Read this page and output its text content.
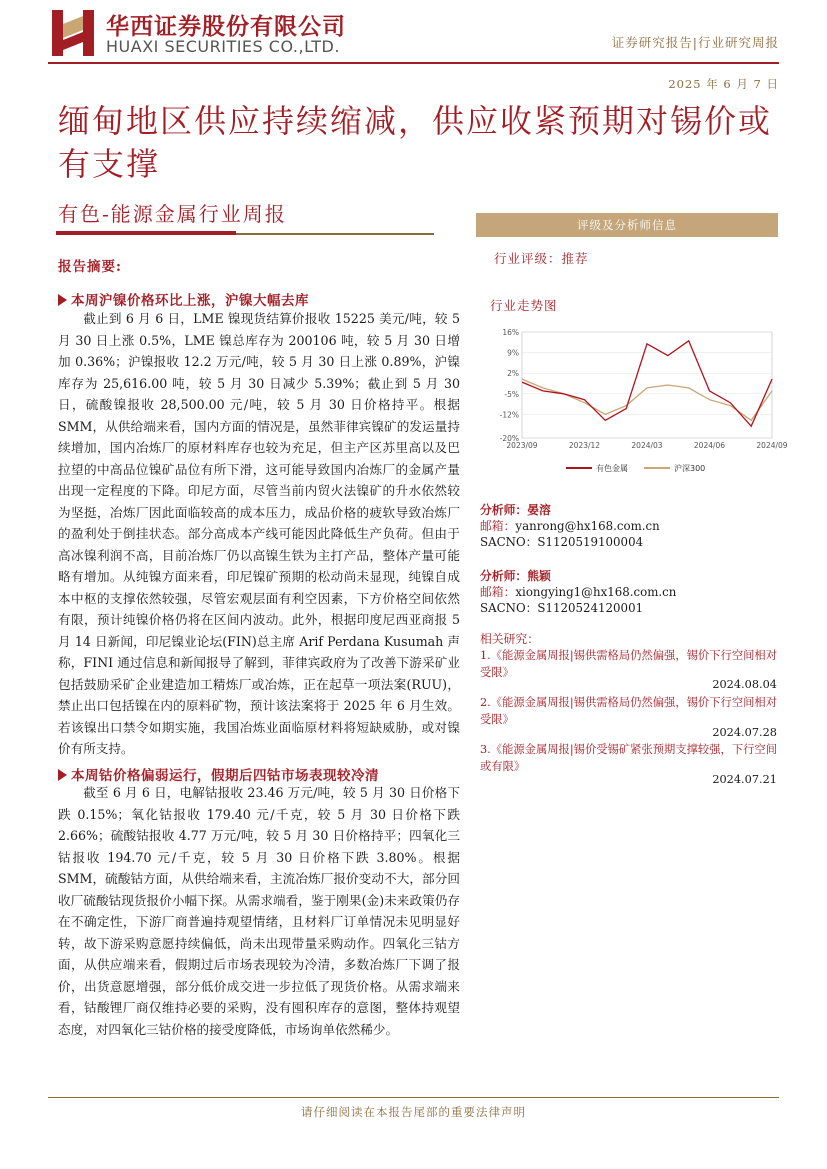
华西证券股份有限公司
HUAXI SECURITIES CO.,LTD.	证券研究报告|行业研究周报
2025 年 6 月 7 日
缅甸地区供应持续缩减，供应收紧预期对锡价或有支撑
有色-能源金属行业周报
报告摘要:
本周沪镍价格环比上涨，沪镍大幅去库
截止到 6 月 6 日，LME 镍现货结算价报收 15225 美元/吨，较 5 月 30 日上涨 0.5%，LME 镍总库存为 200106 吨，较 5 月 30 日增加 0.36%；沪镍报收 12.2 万元/吨，较 5 月 30 日上涨 0.89%，沪镍库存为 25,616.00 吨，较 5 月 30 日减少 5.39%；截止到 5 月 30 日，硫酸镍报收 28,500.00 元/吨，较 5 月 30 日价格持平。根据 SMM，从供给端来看，国内方面的情况是，虽然菲律宾镍矿的发运量持续增加，国内冶炼厂的原材料库存也较为充足，但主产区苏里高以及巴拉望的中高品位镍矿品位有所下滑，这可能导致国内冶炼厂的金属产量出现一定程度的下降。印尼方面，尽管当前内贸火法镍矿的升水依然较为坚挺，冶炼厂因此面临较高的成本压力，成品价格的疲软导致冶炼厂的盈利处于倒挂状态。部分高成本产线可能因此降低生产负荷。但由于高冰镍利润不高，目前冶炼厂仍以高镍生铁为主打产品，整体产量可能略有增加。从纯镍方面来看，印尼镍矿预期的松动尚未显现，纯镍自成本中枢的支撑依然较强，尽管宏观层面有利空因素，下方价格空间依然有限，预计纯镍价格仍将在区间内波动。此外，根据印度尼西亚商报 5 月 14 日新闻，印尼镍业论坛(FIN)总主席 Arif Perdana Kusumah 声称，FINI 通过信息和新闻报导了解到，菲律宾政府为了改善下游采矿业包括鼓励采矿企业建造加工精炼厂或冶炼，正在起草一项法案(RUU)，禁止出口包括镍在内的原料矿物，预计该法案将于 2025 年 6 月生效。若该镍出口禁令如期实施，我国冶炼业面临原材料将短缺威胁，或对镍价有所支持。
本周钴价格偏弱运行，假期后四钴市场表现较冷清
截至 6 月 6 日，电解钴报收 23.46 万元/吨，较 5 月 30 日价格下跌 0.15%；氧化钴报收 179.40 元/千克，较 5 月 30 日价格下跌 2.66%；硫酸钴报收 4.77 万元/吨，较 5 月 30 日价格持平；四氧化三钴报收 194.70 元/千克，较 5 月 30 日价格下跌 3.80%。根据 SMM，硫酸钴方面，从供给端来看，主流冶炼厂报价变动不大，部分回收厂硫酸钴现货报价小幅下探。从需求端看，鉴于刚果(金)未来政策仍存在不确定性，下游厂商普遍持观望情绪，且材料厂订单情况未见明显好转，故下游采购意愿持续偏低，尚未出现带量采购动作。四氧化三钴方面，从供应端来看，假期过后市场表现较为冷清，多数冶炼厂下调了报价，出货意愿增强，部分低价成交进一步拉低了现货价格。从需求端来看，钴酸锂厂商仅维持必要的采购，没有囤积库存的意图，整体持观望态度，对四氧化三钴价格的接受度降低，市场询单依然稀少。
评级及分析师信息
行业评级：推荐
行业走势图
16%
9%
2%
-5%
-12%
-20%
2023/09	2023/12	2024/03	2024/06	2024/09
有色金属	沪深300
分析师：晏溶
邮箱：yanrong@hx168.com.cn
SACNO：S1120519100004
分析师：熊颖
邮箱：xiongying1@hx168.com.cn
SACNO：S1120524120001
相关研究：
1.《能源金属周报|锡供需格局仍然偏强，锡价下行空间相对受限》
2024.08.04
2.《能源金属周报|锡供需格局仍然偏强，锡价下行空间相对受限》
2024.07.28
3.《能源金属周报|锡价受锡矿紧张预期支撑较强，下行空间或有限》
2024.07.21
请仔细阅读在本报告尾部的重要法律声明
